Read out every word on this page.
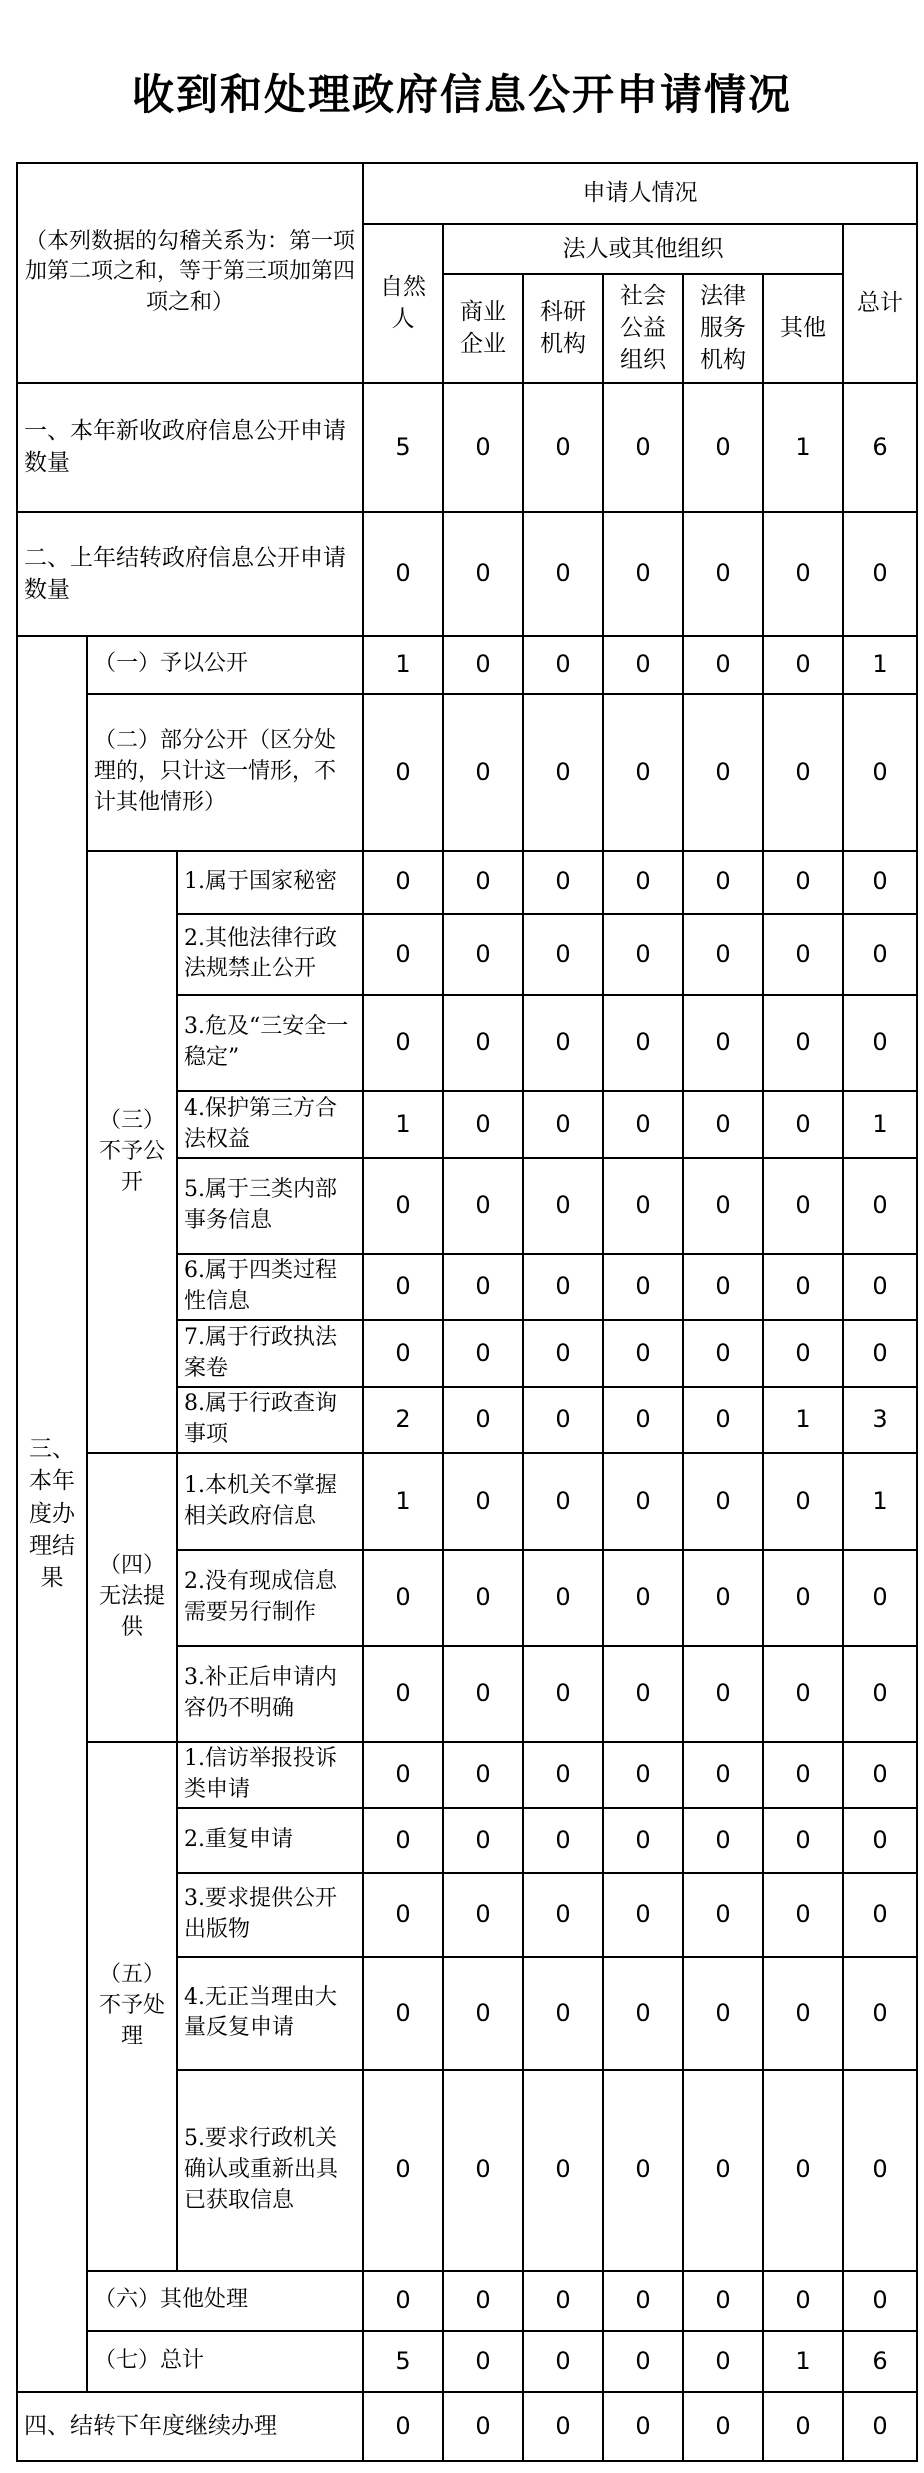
收到和处理政府信息公开申请情况
（本列数据的勾稽关系为：第一项加第二项之和，等于第三项加第四项之和）			申请人情况						
			自然人	法人或其他组织					总计
				商业企业	科研机构	社会公益组织	法律服务机构	其他	
一、本年新收政府信息公开申请数量			5	0	0	0	0	1	6
二、上年结转政府信息公开申请数量			0	0	0	0	0	0	0
三、本年度办理结果	（一）予以公开		1	0	0	0	0	0	1
	（二）部分公开（区分处理的，只计这一情形，不计其他情形）		0	0	0	0	0	0	0
	（三）不予公开	1.属于国家秘密	0	0	0	0	0	0	0
		2.其他法律行政法规禁止公开	0	0	0	0	0	0	0
		3.危及“三安全一稳定”	0	0	0	0	0	0	0
		4.保护第三方合法权益	1	0	0	0	0	0	1
		5.属于三类内部事务信息	0	0	0	0	0	0	0
		6.属于四类过程性信息	0	0	0	0	0	0	0
		7.属于行政执法案卷	0	0	0	0	0	0	0
		8.属于行政查询事项	2	0	0	0	0	1	3
	（四）无法提供	1.本机关不掌握相关政府信息	1	0	0	0	0	0	1
		2.没有现成信息需要另行制作	0	0	0	0	0	0	0
		3.补正后申请内容仍不明确	0	0	0	0	0	0	0
	（五）不予处理	1.信访举报投诉类申请	0	0	0	0	0	0	0
		2.重复申请	0	0	0	0	0	0	0
		3.要求提供公开出版物	0	0	0	0	0	0	0
		4.无正当理由大量反复申请	0	0	0	0	0	0	0
		5.要求行政机关确认或重新出具已获取信息	0	0	0	0	0	0	0
	（六）其他处理		0	0	0	0	0	0	0
	（七）总计		5	0	0	0	0	1	6
四、结转下年度继续办理			0	0	0	0	0	0	0
